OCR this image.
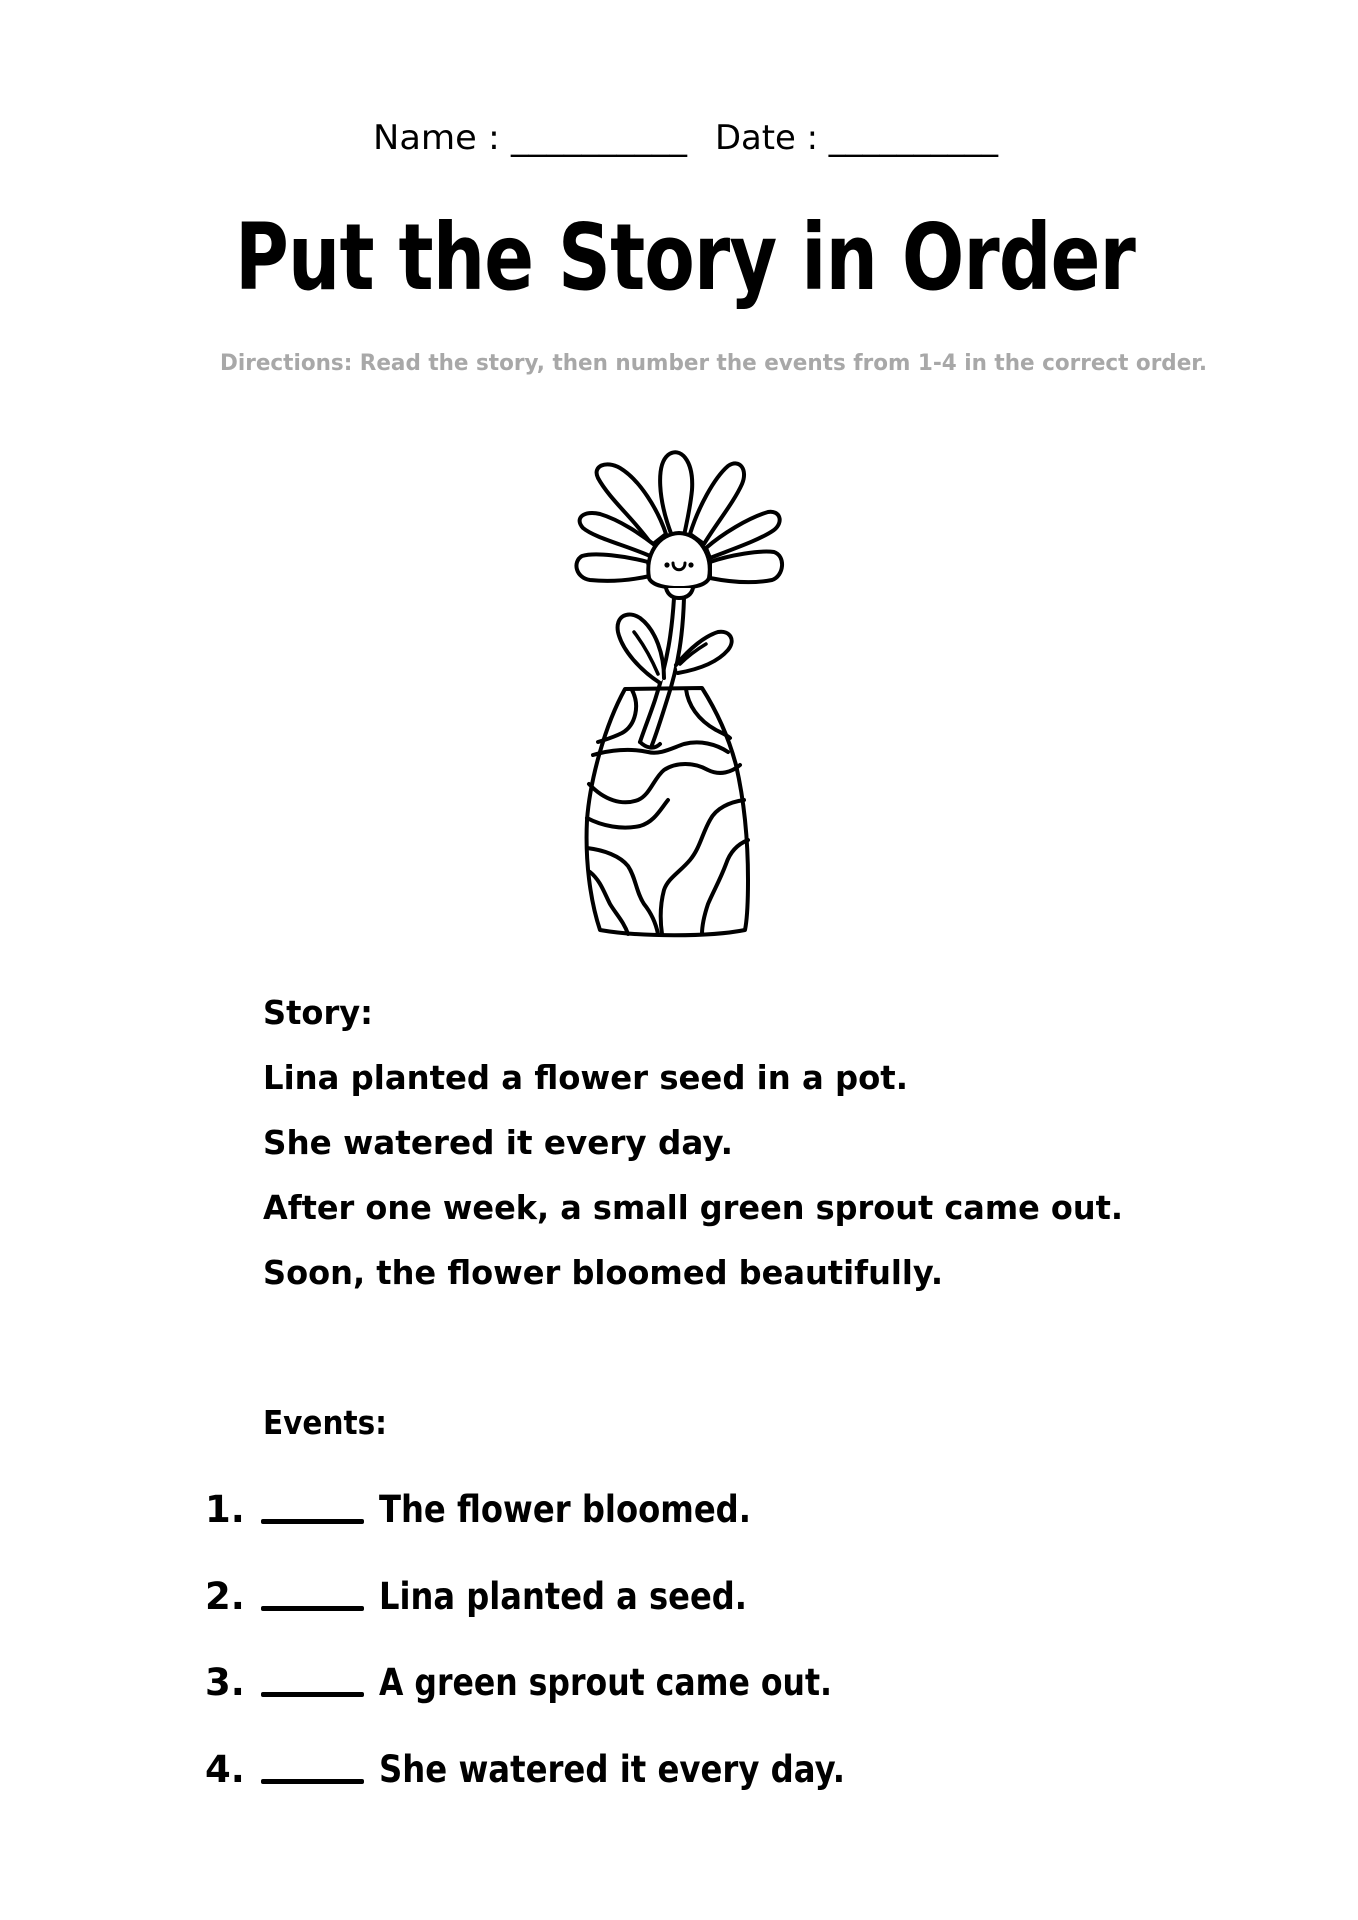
Name : __________ Date : __________
Put the Story in Order
Directions: Read the story, then number the events from 1-4 in the correct order.
Story:
Lina planted a flower seed in a pot.
She watered it every day.
After one week, a small green sprout came out.
Soon, the flower bloomed beautifully.
Events:
1.	The flower bloomed.
2.	Lina planted a seed.
3.	A green sprout came out.
4.	She watered it every day.
